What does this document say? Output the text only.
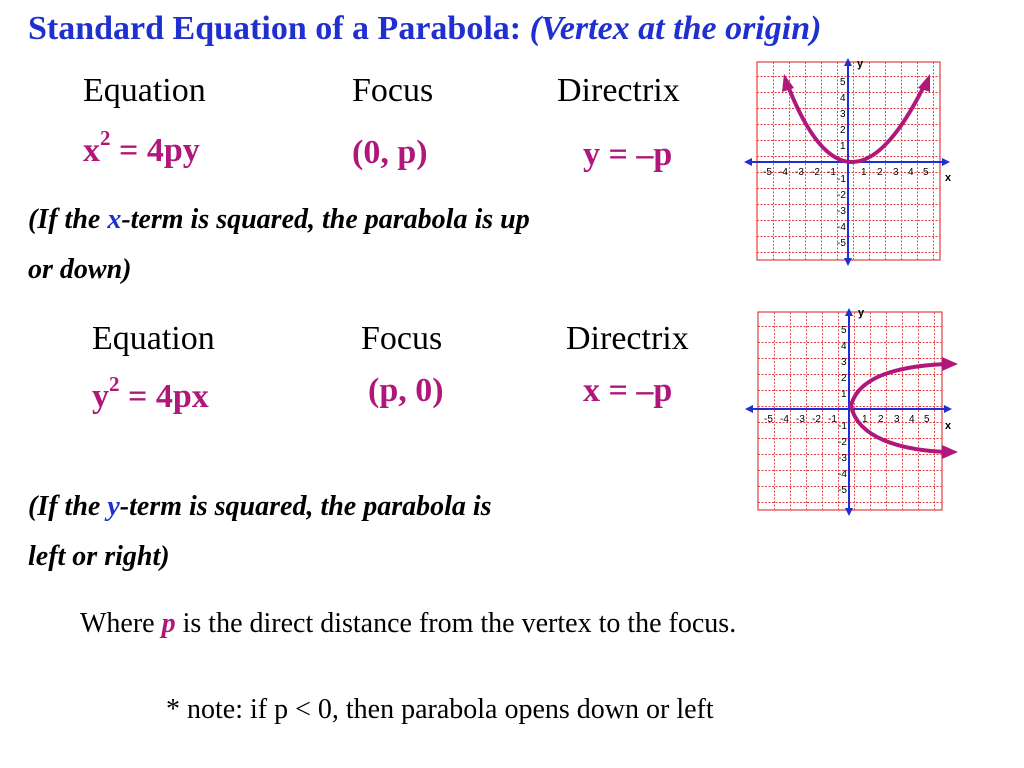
Standard Equation of a Parabola: (Vertex at the origin)
Equation	Focus	Directrix
$x^2 = 4py$	(0, p)	y = –p
(If the x-term is squared, the parabola is up
or down)
Equation	Focus	Directrix
$y^2 = 4px$	(p, 0)	x = –p
(If the y-term is squared, the parabola is
left or right)
Where p is the direct distance from the vertex to the focus.
* note: if p < 0, then parabola opens down or left
y
x
-5 -4 -3 -2 -1	1 2 3 4 5
5
4
3
2
1
-1
-2
-3
-4
-5
y
x
-5 -4 -3 -2 -1	1 2 3 4 5
5
4
3
2
1
-1
-2
-3
-4
-5
